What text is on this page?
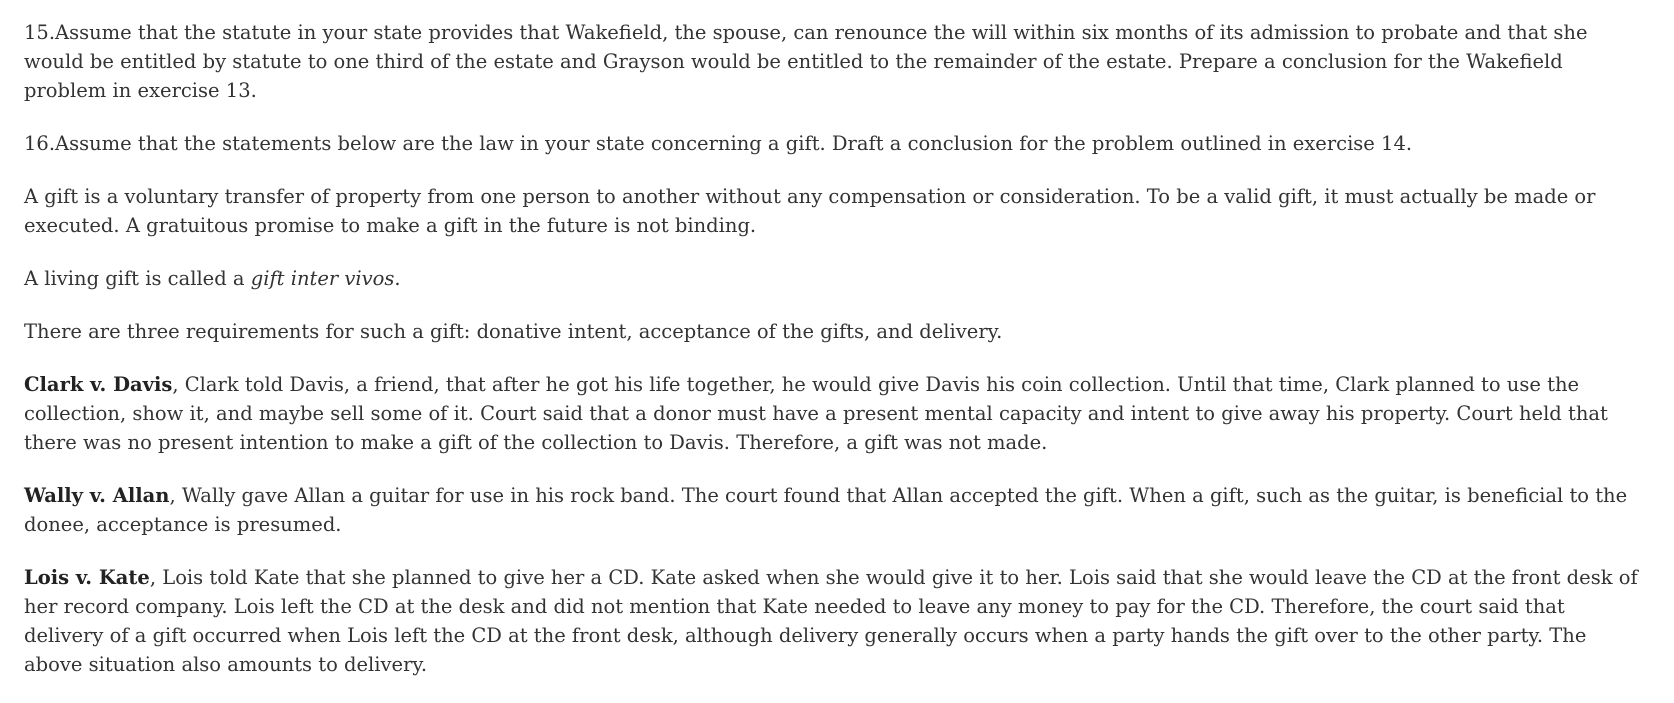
15.Assume that the statute in your state provides that Wakefield, the spouse, can renounce the will within six months of its admission to probate and that she would be entitled by statute to one third of the estate and Grayson would be entitled to the remainder of the estate. Prepare a conclusion for the Wakefield problem in exercise 13.

16.Assume that the statements below are the law in your state concerning a gift. Draft a conclusion for the problem outlined in exercise 14.

A gift is a voluntary transfer of property from one person to another without any compensation or consideration. To be a valid gift, it must actually be made or executed. A gratuitous promise to make a gift in the future is not binding.

A living gift is called a gift inter vivos.

There are three requirements for such a gift: donative intent, acceptance of the gifts, and delivery.

Clark v. Davis, Clark told Davis, a friend, that after he got his life together, he would give Davis his coin collection. Until that time, Clark planned to use the collection, show it, and maybe sell some of it. Court said that a donor must have a present mental capacity and intent to give away his property. Court held that there was no present intention to make a gift of the collection to Davis. Therefore, a gift was not made.

Wally v. Allan, Wally gave Allan a guitar for use in his rock band. The court found that Allan accepted the gift. When a gift, such as the guitar, is beneficial to the donee, acceptance is presumed.

Lois v. Kate, Lois told Kate that she planned to give her a CD. Kate asked when she would give it to her. Lois said that she would leave the CD at the front desk of her record company. Lois left the CD at the desk and did not mention that Kate needed to leave any money to pay for the CD. Therefore, the court said that delivery of a gift occurred when Lois left the CD at the front desk, although delivery generally occurs when a party hands the gift over to the other party. The above situation also amounts to delivery.
